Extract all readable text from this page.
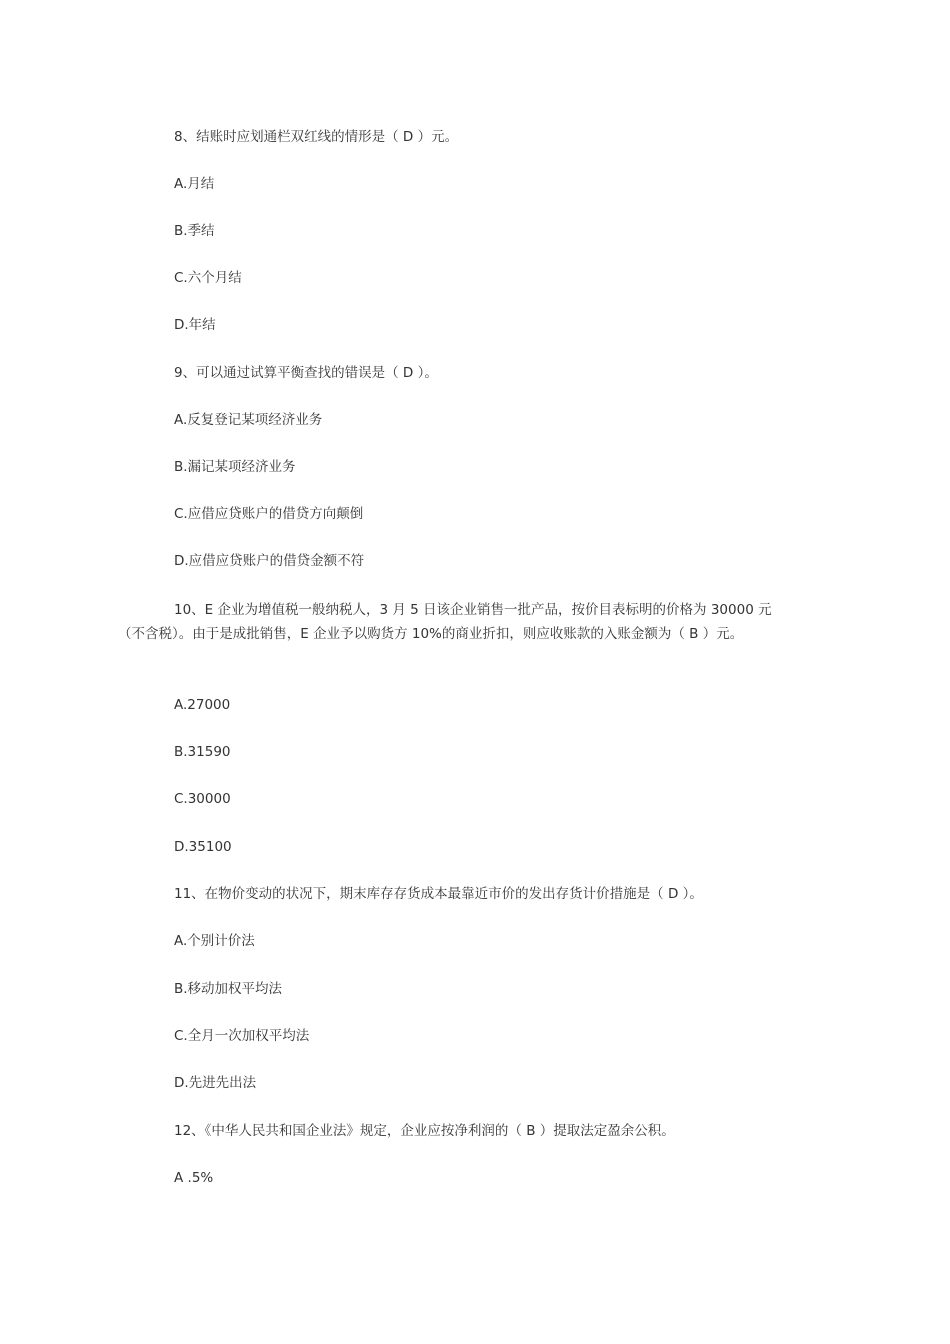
8、结账时应划通栏双红线的情形是（ D ）元。
A.月结
B.季结
C.六个月结
D.年结
9、可以通过试算平衡查找的错误是（ D ）。
A.反复登记某项经济业务
B.漏记某项经济业务
C.应借应贷账户的借贷方向颠倒
D.应借应贷账户的借贷金额不符
10、E 企业为增值税一般纳税人，3 月 5 日该企业销售一批产品，按价目表标明的价格为 30000 元
（不含税）。由于是成批销售，E 企业予以购货方 10%的商业折扣，则应收账款的入账金额为（ B ）元。
A.27000
B.31590
C.30000
D.35100
11、在物价变动的状况下，期末库存存货成本最靠近市价的发出存货计价措施是（ D ）。
A.个别计价法
B.移动加权平均法
C.全月一次加权平均法
D.先进先出法
12、《中华人民共和国企业法》规定，企业应按净利润的（ B ）提取法定盈余公积。
A .5%
